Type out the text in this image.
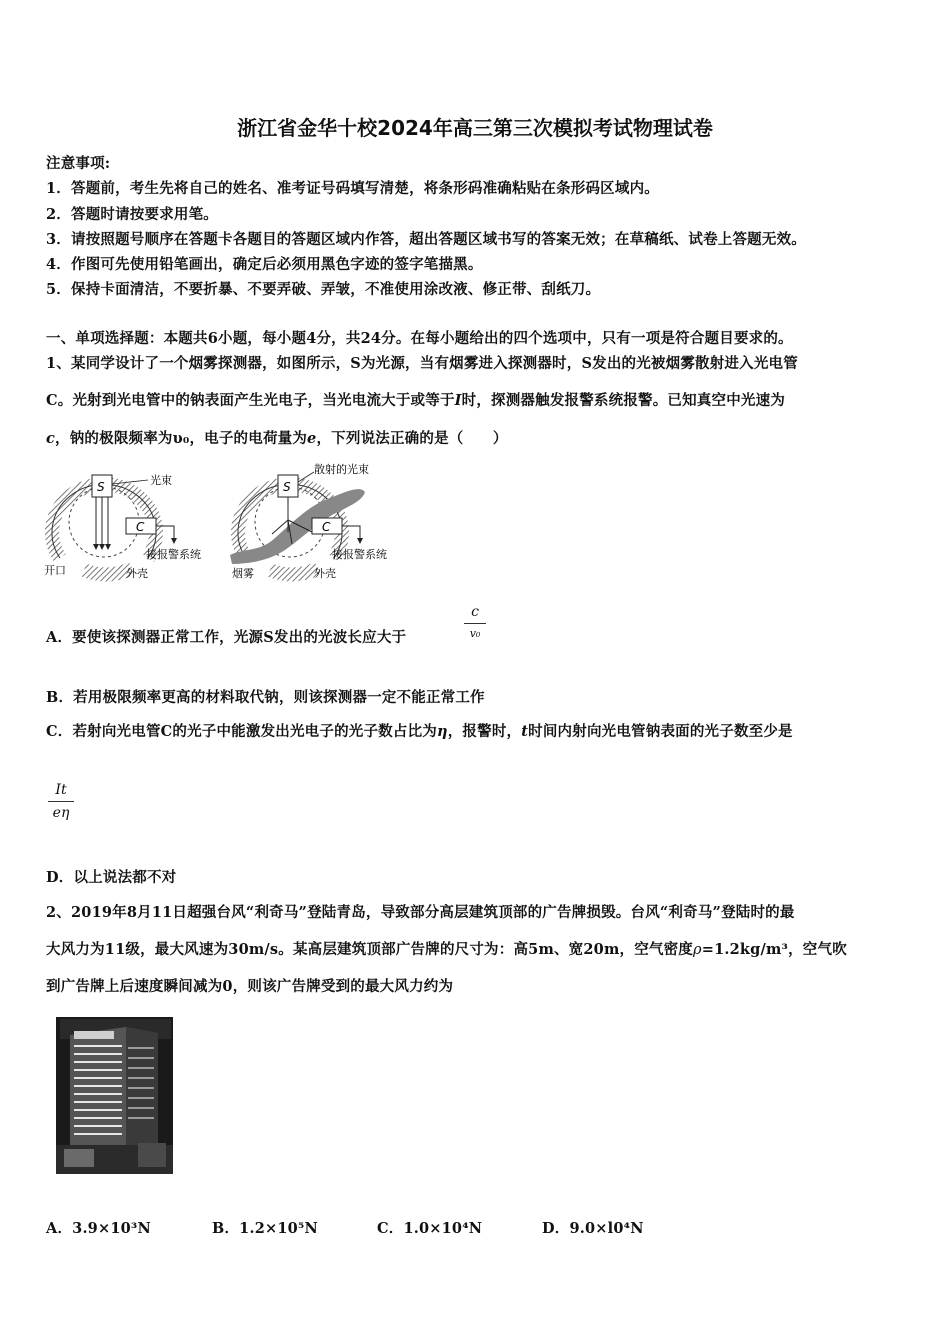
浙江省金华十校2024年高三第三次模拟考试物理试卷
注意事项:
1．答题前，考生先将自己的姓名、准考证号码填写清楚，将条形码准确粘贴在条形码区域内。
2．答题时请按要求用笔。
3．请按照题号顺序在答题卡各题目的答题区域内作答，超出答题区域书写的答案无效；在草稿纸、试卷上答题无效。
4．作图可先使用铅笔画出，确定后必须用黑色字迹的签字笔描黑。
5．保持卡面清洁，不要折暴、不要弄破、弄皱，不准使用涂改液、修正带、刮纸刀。
一、单项选择题：本题共6小题，每小题4分，共24分。在每小题给出的四个选项中，只有一项是符合题目要求的。
1、某同学设计了一个烟雾探测器，如图所示，S为光源，当有烟雾进入探测器时，S发出的光被烟雾散射进入光电管
C。光射到光电管中的钠表面产生光电子，当光电流大于或等于I时，探测器触发报警系统报警。已知真空中光速为
c，钠的极限频率为υ₀，电子的电荷量为e，下列说法正确的是（　　）
S	光束
C
接报警系统
开口	外壳
S
散射的光束
C
接报警系统
烟雾	外壳
A．要使该探测器正常工作，光源S发出的光波长应大于
c
v₀
B．若用极限频率更高的材料取代钠，则该探测器一定不能正常工作
C．若射向光电管C的光子中能激发出光电子的光子数占比为η，报警时，t时间内射向光电管钠表面的光子数至少是
It
eη
D．以上说法都不对
2、2019年8月11日超强台风“利奇马”登陆青岛，导致部分高层建筑顶部的广告牌损毁。台风“利奇马”登陆时的最
大风力为11级，最大风速为30m/s。某高层建筑顶部广告牌的尺寸为：高5m、宽20m，空气密度ρ=1.2kg/m³，空气吹
到广告牌上后速度瞬间减为0，则该广告牌受到的最大风力约为
A．3.9×10³N	B．1.2×10⁵N	C．1.0×10⁴N	D．9.0×l0⁴N
